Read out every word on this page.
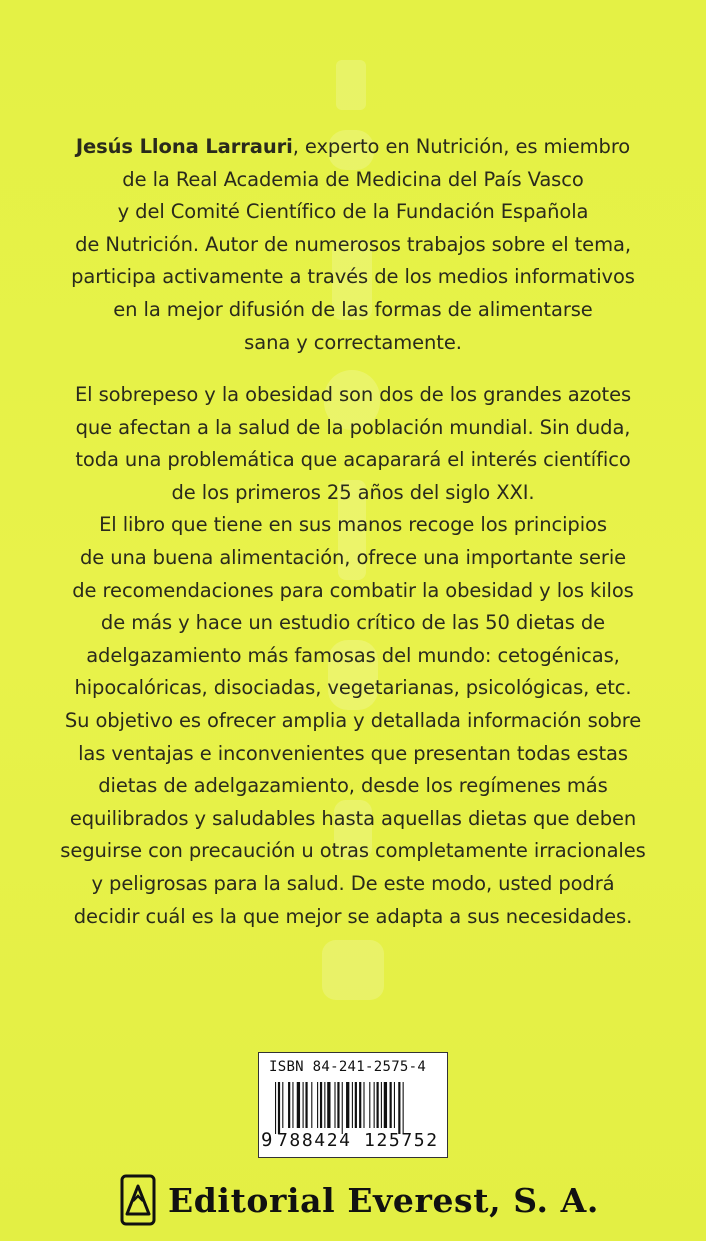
Jesús Llona Larrauri, experto en Nutrición, es miembro
de la Real Academia de Medicina del País Vasco
y del Comité Científico de la Fundación Española
de Nutrición. Autor de numerosos trabajos sobre el tema,
participa activamente a través de los medios informativos
en la mejor difusión de las formas de alimentarse
sana y correctamente.
El sobrepeso y la obesidad son dos de los grandes azotes
que afectan a la salud de la población mundial. Sin duda,
toda una problemática que acaparará el interés científico
de los primeros 25 años del siglo XXI.
El libro que tiene en sus manos recoge los principios
de una buena alimentación, ofrece una importante serie
de recomendaciones para combatir la obesidad y los kilos
de más y hace un estudio crítico de las 50 dietas de
adelgazamiento más famosas del mundo: cetogénicas,
hipocalóricas, disociadas, vegetarianas, psicológicas, etc.
Su objetivo es ofrecer amplia y detallada información sobre
las ventajas e inconvenientes que presentan todas estas
dietas de adelgazamiento, desde los regímenes más
equilibrados y saludables hasta aquellas dietas que deben
seguirse con precaución u otras completamente irracionales
y peligrosas para la salud. De este modo, usted podrá
decidir cuál es la que mejor se adapta a sus necesidades.
ISBN 84-241-2575-4
9 788424 125752
Editorial Everest, S. A.
